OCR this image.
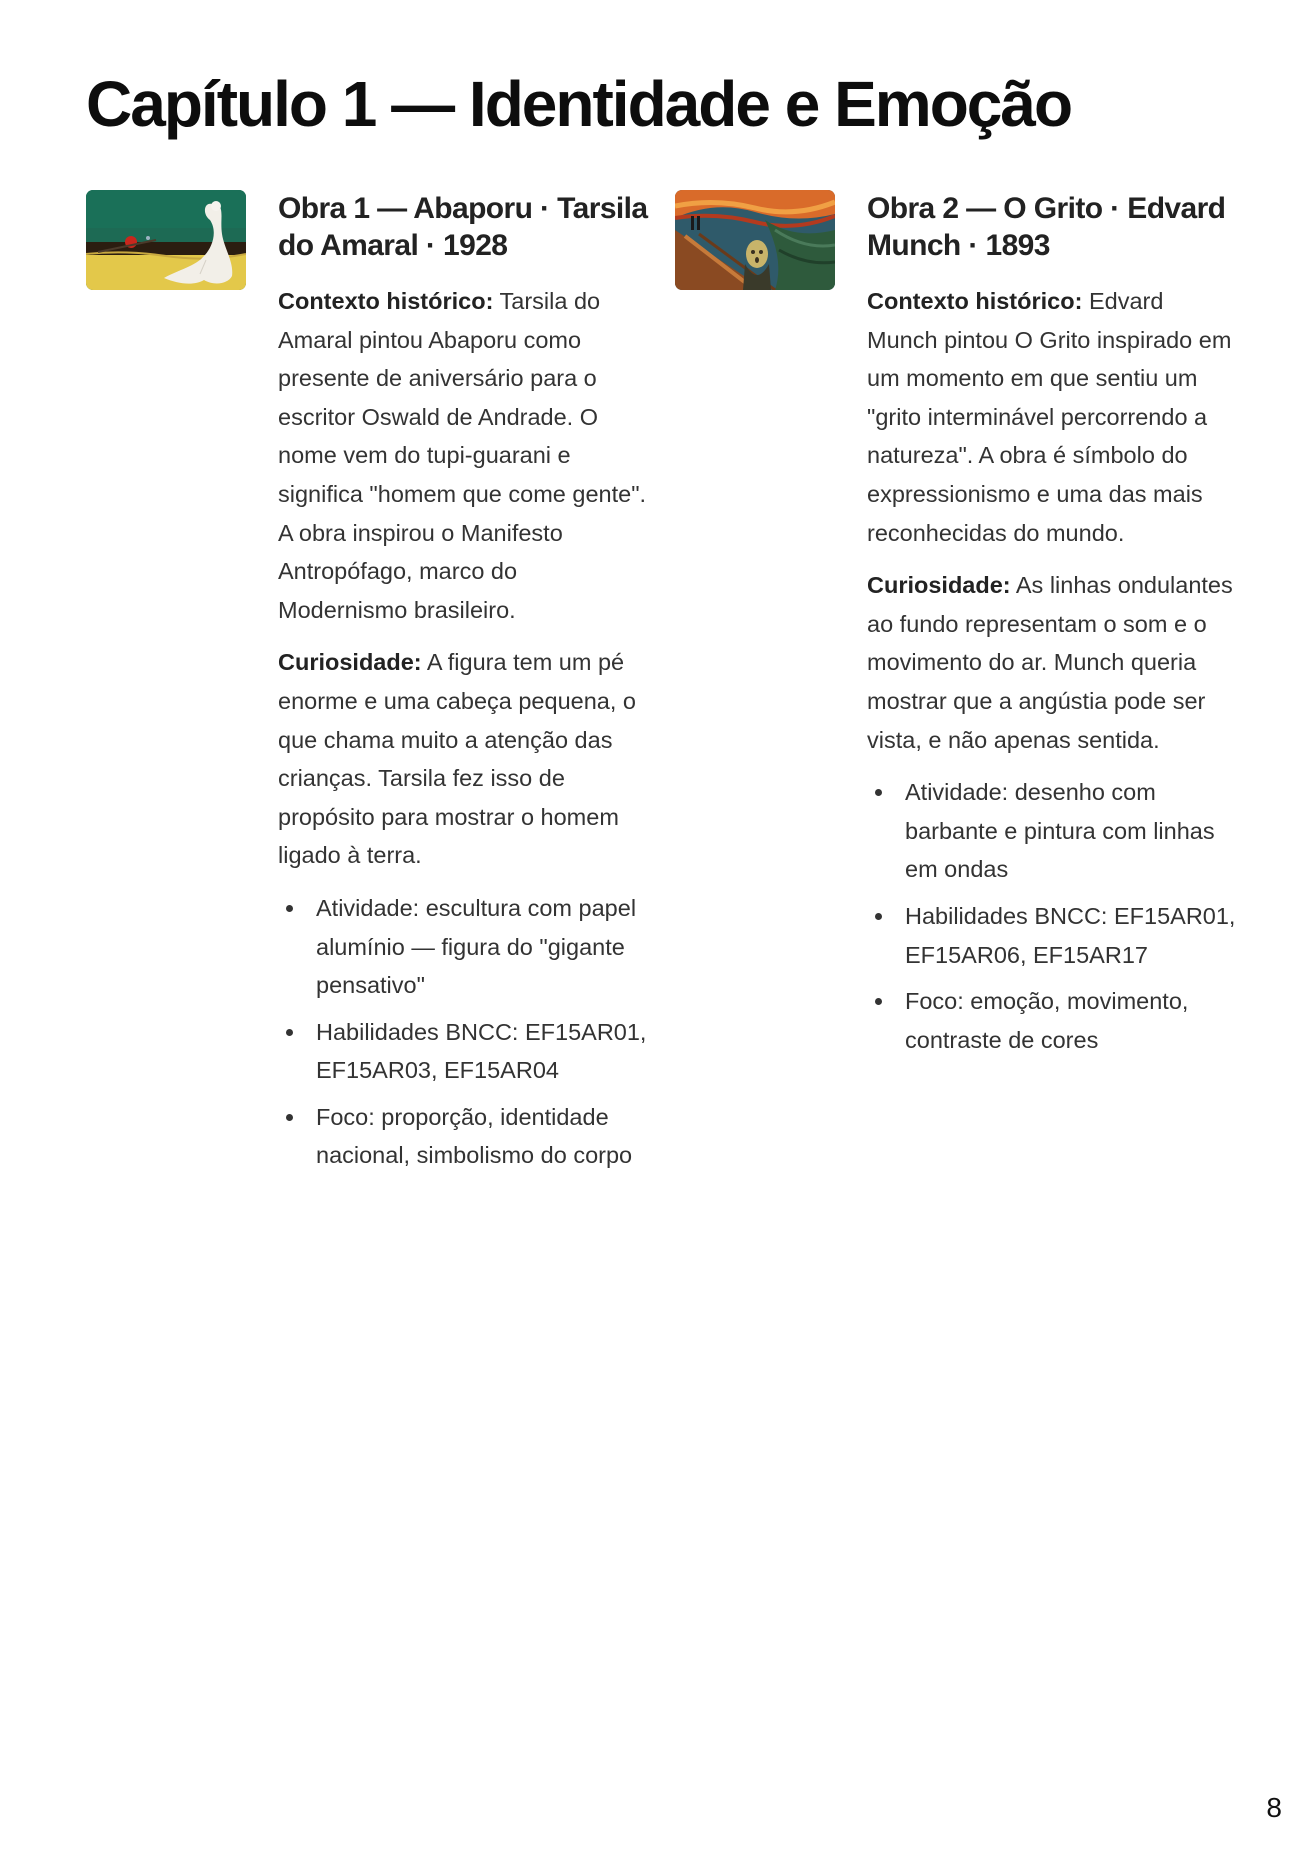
Capítulo 1 — Identidade e Emoção
Obra 1 — Abaporu · Tarsila do Amaral · 1928

Contexto histórico: Tarsila do Amaral pintou Abaporu como presente de aniversário para o escritor Oswald de Andrade. O nome vem do tupi-guarani e significa "homem que come gente". A obra inspirou o Manifesto Antropófago, marco do Modernismo brasileiro.

Curiosidade: A figura tem um pé enorme e uma cabeça pequena, o que chama muito a atenção das crianças. Tarsila fez isso de propósito para mostrar o homem ligado à terra.

Atividade: escultura com papel alumínio — figura do "gigante pensativo"
Habilidades BNCC: EF15AR01, EF15AR03, EF15AR04
Foco: proporção, identidade nacional, simbolismo do corpo
Obra 2 — O Grito · Edvard Munch · 1893

Contexto histórico: Edvard Munch pintou O Grito inspirado em um momento em que sentiu um "grito interminável percorrendo a natureza". A obra é símbolo do expressionismo e uma das mais reconhecidas do mundo.

Curiosidade: As linhas ondulantes ao fundo representam o som e o movimento do ar. Munch queria mostrar que a angústia pode ser vista, e não apenas sentida.

Atividade: desenho com barbante e pintura com linhas em ondas
Habilidades BNCC: EF15AR01, EF15AR06, EF15AR17
Foco: emoção, movimento, contraste de cores
8
